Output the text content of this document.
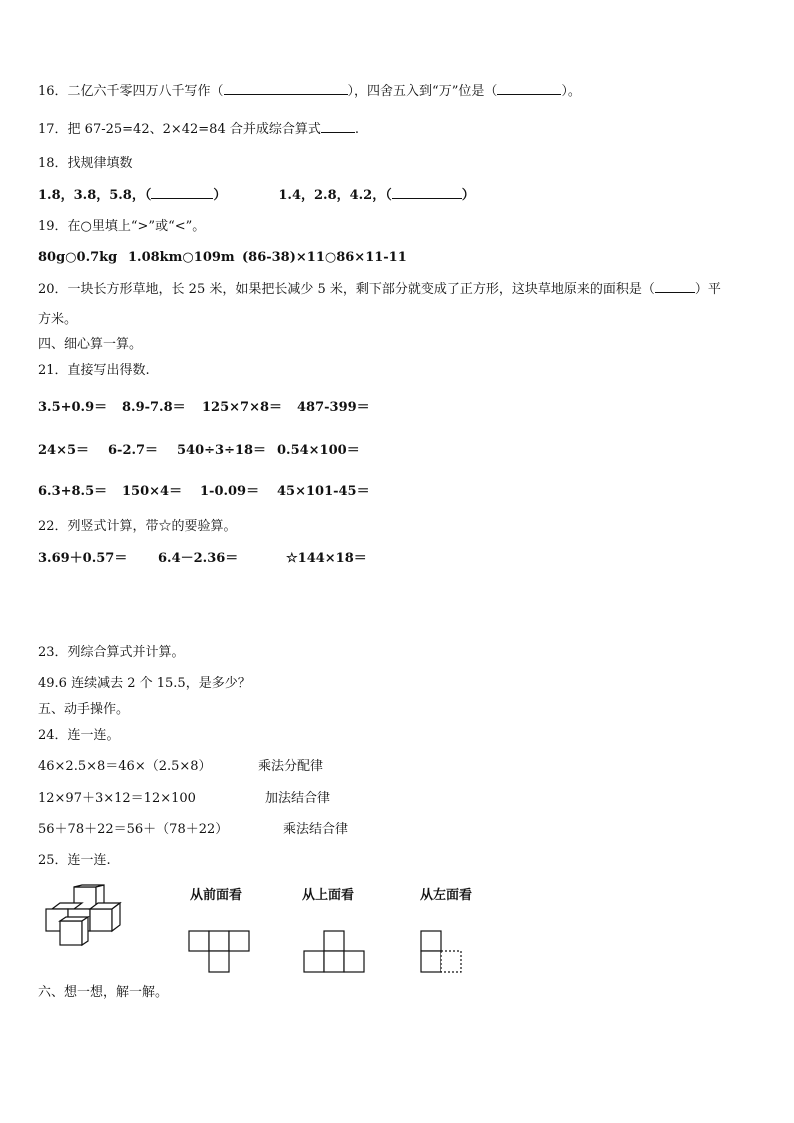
16．二亿六千零四万八千写作（	），四舍五入到“万”位是（	）。
17．把 67-25=42、2×42=84 合并成综合算式	.
18．找规律填数
1.8，3.8，5.8，（	）	1.4，2.8，4.2，（	）
19．在○里填上“>”或“<”。
80g○0.7kg 1.08km○109m (86-38)×11○86×11-11
20．一块长方形草地，长 25 米，如果把长减少 5 米，剩下部分就变成了正方形，这块草地原来的面积是（	）平
方米。
四、细心算一算。
21．直接写出得数.
3.5+0.9＝ 8.9-7.8＝ 125×7×8＝ 487-399＝
24×5＝ 6-2.7＝ 540÷3÷18＝ 0.54×100＝
6.3+8.5＝ 150×4＝ 1-0.09＝ 45×101-45＝
22．列竖式计算，带☆的要验算。
3.69＋0.57＝ 6.4－2.36＝	☆144×18＝
23．列综合算式并计算。
49.6 连续减去 2 个 15.5，是多少？
五、动手操作。
24．连一连。
46×2.5×8＝46×（2.5×8）	乘法分配律
12×97＋3×12＝12×100	加法结合律
56＋78＋22＝56＋（78＋22）	乘法结合律
25．连一连.
从前面看	从上面看	从左面看
六、想一想，解一解。
